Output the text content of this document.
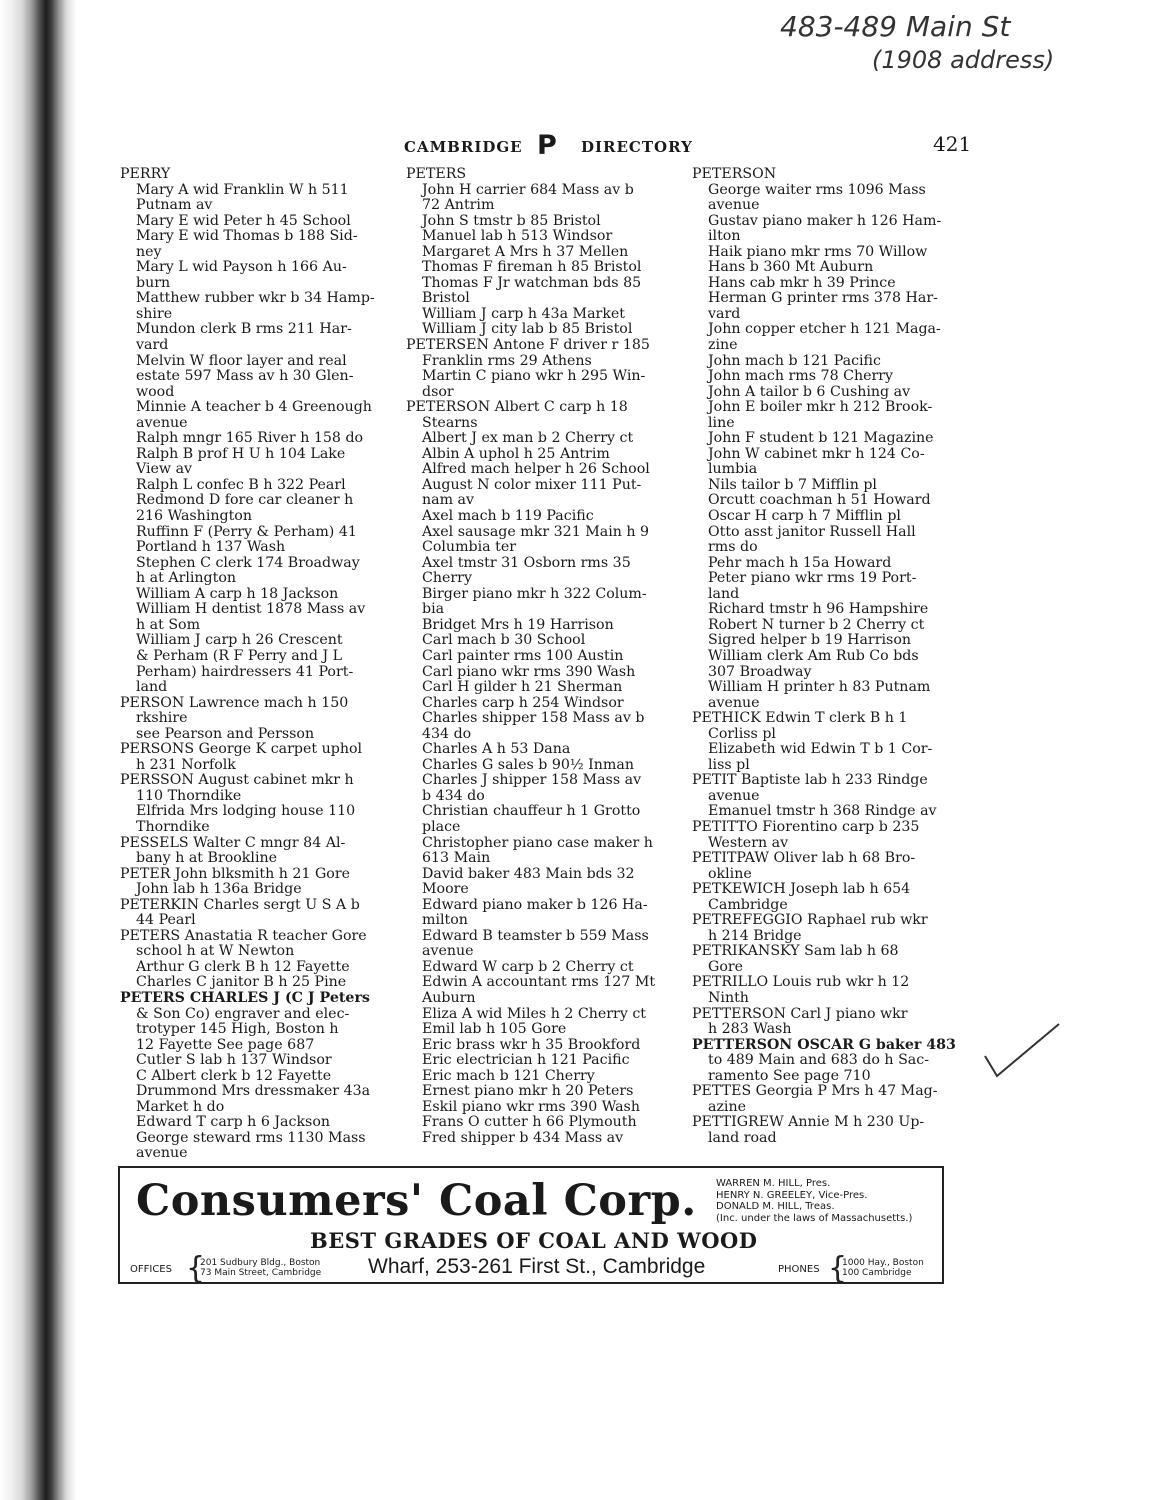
483-489 Main St
(1908 address)
CAMBRIDGE P DIRECTORY	421
PERRY
Mary A wid Franklin W h 511
Putnam av
Mary E wid Peter h 45 School
Mary E wid Thomas b 188 Sid-
ney
Mary L wid Payson h 166 Au-
burn
Matthew rubber wkr b 34 Hamp-
shire
Mundon clerk B rms 211 Har-
vard
Melvin W floor layer and real
estate 597 Mass av h 30 Glen-
wood
Minnie A teacher b 4 Greenough
avenue
Ralph mngr 165 River h 158 do
Ralph B prof H U h 104 Lake
View av
Ralph L confec B h 322 Pearl
Redmond D fore car cleaner h
216 Washington
Ruffinn F (Perry & Perham) 41
Portland h 137 Wash
Stephen C clerk 174 Broadway
h at Arlington
William A carp h 18 Jackson
William H dentist 1878 Mass av
h at Som
William J carp h 26 Crescent
& Perham (R F Perry and J L
Perham) hairdressers 41 Port-
land
PERSON Lawrence mach h 150
rkshire
see Pearson and Persson
PERSONS George K carpet uphol
h 231 Norfolk
PERSSON August cabinet mkr h
110 Thorndike
Elfrida Mrs lodging house 110
Thorndike
PESSELS Walter C mngr 84 Al-
bany h at Brookline
PETER John blksmith h 21 Gore
John lab h 136a Bridge
PETERKIN Charles sergt U S A b
44 Pearl
PETERS Anastatia R teacher Gore
school h at W Newton
Arthur G clerk B h 12 Fayette
Charles C janitor B h 25 Pine
PETERS CHARLES J (C J Peters
& Son Co) engraver and elec-
trotyper 145 High, Boston h
12 Fayette See page 687
Cutler S lab h 137 Windsor
C Albert clerk b 12 Fayette
Drummond Mrs dressmaker 43a
Market h do
Edward T carp h 6 Jackson
George steward rms 1130 Mass
avenue
PETERS
John H carrier 684 Mass av b
72 Antrim
John S tmstr b 85 Bristol
Manuel lab h 513 Windsor
Margaret A Mrs h 37 Mellen
Thomas F fireman h 85 Bristol
Thomas F Jr watchman bds 85
Bristol
William J carp h 43a Market
William J city lab b 85 Bristol
PETERSEN Antone F driver r 185
Franklin rms 29 Athens
Martin C piano wkr h 295 Win-
dsor
PETERSON Albert C carp h 18
Stearns
Albert J ex man b 2 Cherry ct
Albin A uphol h 25 Antrim
Alfred mach helper h 26 School
August N color mixer 111 Put-
nam av
Axel mach b 119 Pacific
Axel sausage mkr 321 Main h 9
Columbia ter
Axel tmstr 31 Osborn rms 35
Cherry
Birger piano mkr h 322 Colum-
bia
Bridget Mrs h 19 Harrison
Carl mach b 30 School
Carl painter rms 100 Austin
Carl piano wkr rms 390 Wash
Carl H gilder h 21 Sherman
Charles carp h 254 Windsor
Charles shipper 158 Mass av b
434 do
Charles A h 53 Dana
Charles G sales b 90½ Inman
Charles J shipper 158 Mass av
b 434 do
Christian chauffeur h 1 Grotto
place
Christopher piano case maker h
613 Main
David baker 483 Main bds 32
Moore
Edward piano maker b 126 Ha-
milton
Edward B teamster b 559 Mass
avenue
Edward W carp b 2 Cherry ct
Edwin A accountant rms 127 Mt
Auburn
Eliza A wid Miles h 2 Cherry ct
Emil lab h 105 Gore
Eric brass wkr h 35 Brookford
Eric electrician h 121 Pacific
Eric mach b 121 Cherry
Ernest piano mkr h 20 Peters
Eskil piano wkr rms 390 Wash
Frans O cutter h 66 Plymouth
Fred shipper b 434 Mass av
PETERSON
George waiter rms 1096 Mass
avenue
Gustav piano maker h 126 Ham-
ilton
Haik piano mkr rms 70 Willow
Hans b 360 Mt Auburn
Hans cab mkr h 39 Prince
Herman G printer rms 378 Har-
vard
John copper etcher h 121 Maga-
zine
John mach b 121 Pacific
John mach rms 78 Cherry
John A tailor b 6 Cushing av
John E boiler mkr h 212 Brook-
line
John F student b 121 Magazine
John W cabinet mkr h 124 Co-
lumbia
Nils tailor b 7 Mifflin pl
Orcutt coachman h 51 Howard
Oscar H carp h 7 Mifflin pl
Otto asst janitor Russell Hall
rms do
Pehr mach h 15a Howard
Peter piano wkr rms 19 Port-
land
Richard tmstr h 96 Hampshire
Robert N turner b 2 Cherry ct
Sigred helper b 19 Harrison
William clerk Am Rub Co bds
307 Broadway
William H printer h 83 Putnam
avenue
PETHICK Edwin T clerk B h 1
Corliss pl
Elizabeth wid Edwin T b 1 Cor-
liss pl
PETIT Baptiste lab h 233 Rindge
avenue
Emanuel tmstr h 368 Rindge av
PETITTO Fiorentino carp b 235
Western av
PETITPAW Oliver lab h 68 Bro-
okline
PETKEWICH Joseph lab h 654
Cambridge
PETREFEGGIO Raphael rub wkr
h 214 Bridge
PETRIKANSKY Sam lab h 68
Gore
PETRILLO Louis rub wkr h 12
Ninth
PETTERSON Carl J piano wkr
h 283 Wash
PETTERSON OSCAR G baker 483
to 489 Main and 683 do h Sac-
ramento See page 710
PETTES Georgia P Mrs h 47 Mag-
azine
PETTIGREW Annie M h 230 Up-
land road
Consumers' Coal Corp. WARREN M. HILL, Pres.
HENRY N. GREELEY, Vice-Pres.
DONALD M. HILL, Treas.
(Inc. under the laws of Massachusetts.)
BEST GRADES OF COAL AND WOOD
OFFICES {
201 Sudbury Bldg., Boston
73 Main Street, Cambridge Wharf, 253-261 First St., Cambridge	PHONES {
1000 Hay., Boston
100 Cambridge
